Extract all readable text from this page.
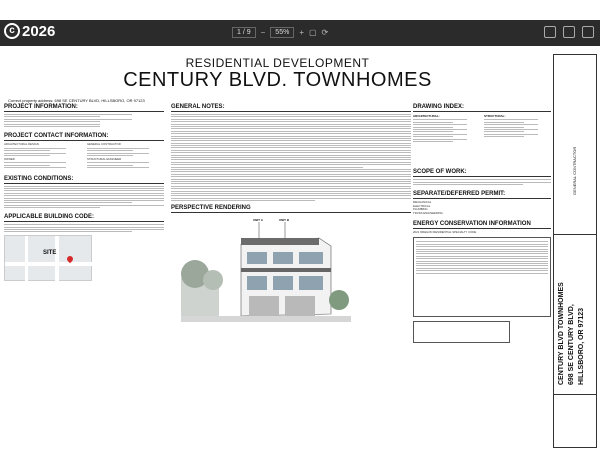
c 2026	1 / 9	−	55%	+ ▢ ⟳
RESIDENTIAL DEVELOPMENT
CENTURY BLVD. TOWNHOMES
Correct property address: 698 SE CENTURY BLVD, HILLSBORO, OR 97123
PROJECT INFORMATION:
PROJECT CONTACT INFORMATION:
ARCHITECTURAL DESIGN
OWNER
GENERAL CONTRACTOR
STRUCTURAL ENGINEER
EXISTING CONDITIONS:
APPLICABLE BUILDING CODE:
SITE
GENERAL NOTES:
PERSPECTIVE RENDERING
UNIT A	UNIT B
DRAWING INDEX:
ARCHITECTURAL:	STRUCTURAL:
SCOPE OF WORK:
SEPARATE/DEFERRED PERMIT:
MECHANICAL
ELECTRICAL
PLUMBING
TRUSS ENGINEERING
ENERGY CONSERVATION INFORMATION
2021 OREGON RESIDENTIAL SPECIALTY CODE
GENERAL CONTRACTOR
CENTURY BLVD TOWNHOMES 698 SE CENTURY BLVD, HILLSBORO, OR 97123
